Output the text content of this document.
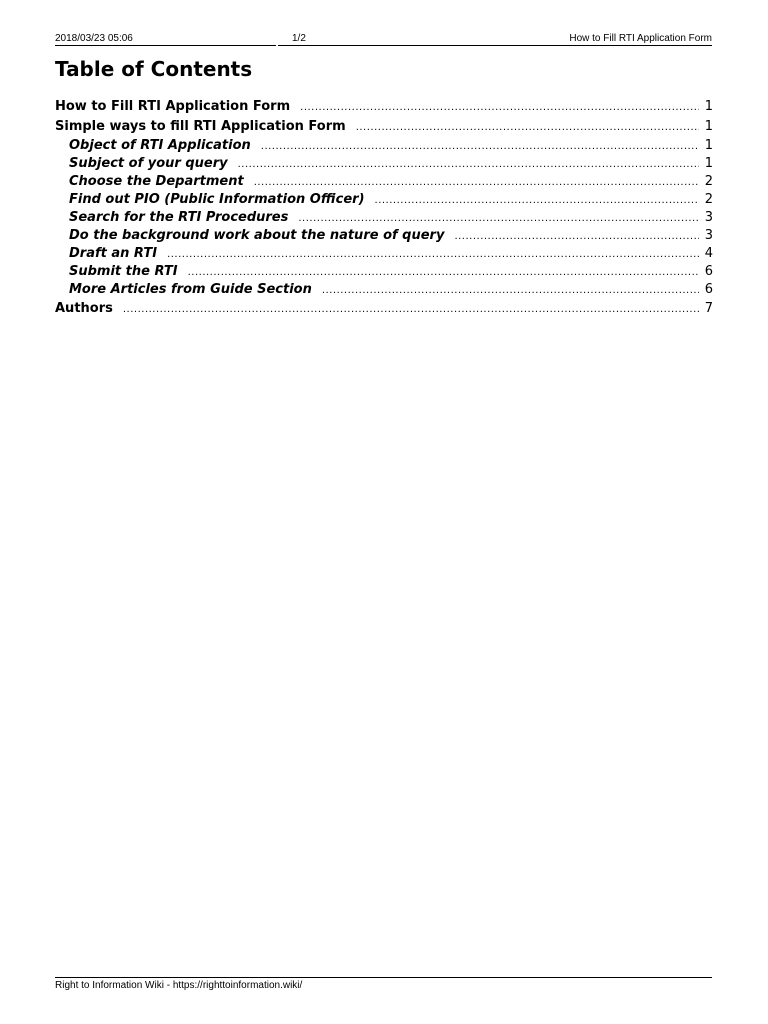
2018/03/23 05:06	1/2	How to Fill RTI Application Form
Table of Contents
How to Fill RTI Application Form .....	1
Simple ways to fill RTI Application Form .....	1
Object of RTI Application .....	1
Subject of your query .....	1
Choose the Department .....	2
Find out PIO (Public Information Officer) .....	2
Search for the RTI Procedures .....	3
Do the background work about the nature of query .....	3
Draft an RTI .....	4
Submit the RTI .....	6
More Articles from Guide Section .....	6
Authors .....	7
Right to Information Wiki - https://righttoinformation.wiki/
